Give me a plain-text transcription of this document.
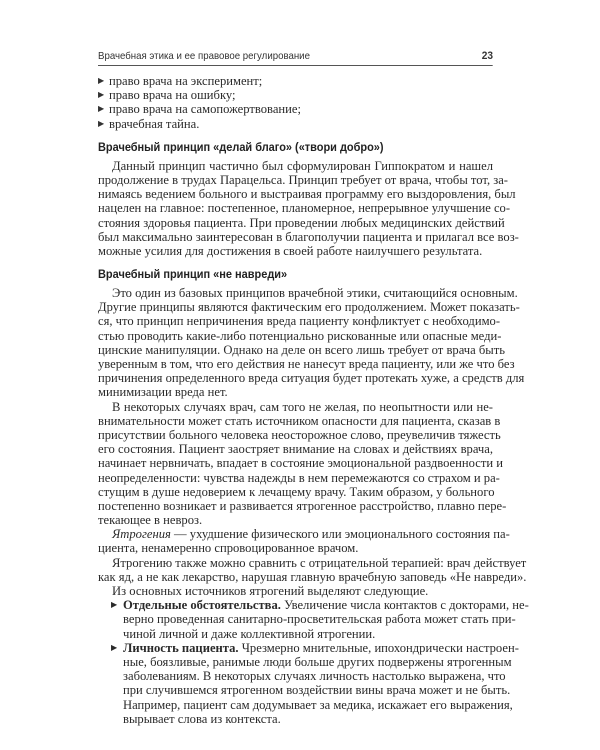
Врачебная этика и ее правовое регулирование	23
▶ право врача на эксперимент;
▶ право врача на ошибку;
▶ право врача на самопожертвование;
▶ врачебная тайна.
Врачебный принцип «делай благо» («твори добро»)
Данный принцип частично был сформулирован Гиппократом и нашел
продолжение в трудах Парацельса. Принцип требует от врача, чтобы тот, за-
нимаясь ведением больного и выстраивая программу его выздоровления, был
нацелен на главное: постепенное, планомерное, непрерывное улучшение со-
стояния здоровья пациента. При проведении любых медицинских действий
был максимально заинтересован в благополучии пациента и прилагал все воз-
можные усилия для достижения в своей работе наилучшего результата.
Врачебный принцип «не навреди»
Это один из базовых принципов врачебной этики, считающийся основным.
Другие принципы являются фактическим его продолжением. Может показать-
ся, что принцип непричинения вреда пациенту конфликтует с необходимо-
стью проводить какие-либо потенциально рискованные или опасные меди-
цинские манипуляции. Однако на деле он всего лишь требует от врача быть
уверенным в том, что его действия не нанесут вреда пациенту, или же что без
причинения определенного вреда ситуация будет протекать хуже, а средств для
минимизации вреда нет.
В некоторых случаях врач, сам того не желая, по неопытности или не-
внимательности может стать источником опасности для пациента, сказав в
присутствии больного человека неосторожное слово, преувеличив тяжесть
его состояния. Пациент заостряет внимание на словах и действиях врача,
начинает нервничать, впадает в состояние эмоциональной раздвоенности и
неопределенности: чувства надежды в нем перемежаются со страхом и ра-
стущим в душе недоверием к лечащему врачу. Таким образом, у больного
постепенно возникает и развивается ятрогенное расстройство, плавно пере-
текающее в невроз.
Ятрогения — ухудшение физического или эмоционального состояния па-
циента, ненамеренно спровоцированное врачом.
Ятрогению также можно сравнить с отрицательной терапией: врач действует
как яд, а не как лекарство, нарушая главную врачебную заповедь «Не навреди».
Из основных источников ятрогений выделяют следующие.
▶ Отдельные обстоятельства. Увеличение числа контактов с докторами, не-
верно проведенная санитарно-просветительская работа может стать при-
чиной личной и даже коллективной ятрогении.
▶ Личность пациента. Чрезмерно мнительные, ипохондрически настроен-
ные, боязливые, ранимые люди больше других подвержены ятрогенным
заболеваниям. В некоторых случаях личность настолько выражена, что
при случившемся ятрогенном воздействии вины врача может и не быть.
Например, пациент сам додумывает за медика, искажает его выражения,
вырывает слова из контекста.
